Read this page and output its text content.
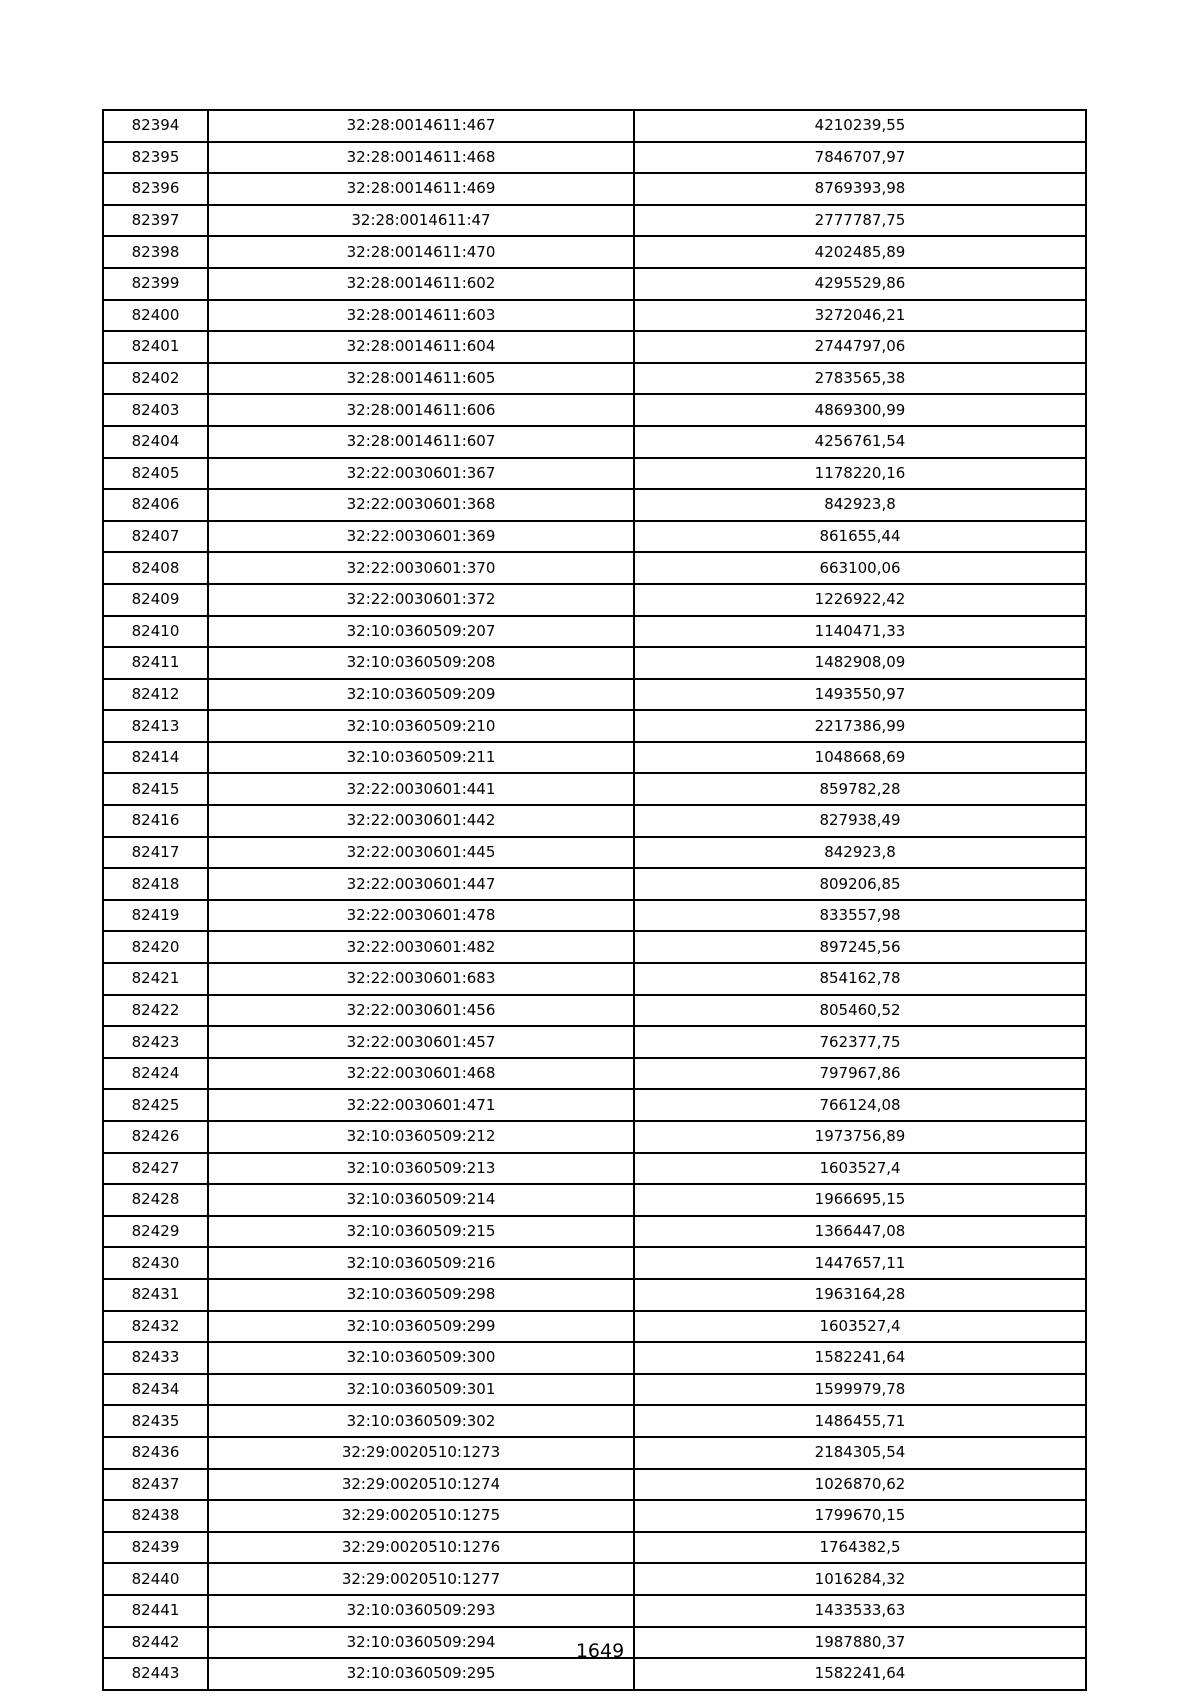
82394	32:28:0014611:467	4210239,55
82395	32:28:0014611:468	7846707,97
82396	32:28:0014611:469	8769393,98
82397	32:28:0014611:47	2777787,75
82398	32:28:0014611:470	4202485,89
82399	32:28:0014611:602	4295529,86
82400	32:28:0014611:603	3272046,21
82401	32:28:0014611:604	2744797,06
82402	32:28:0014611:605	2783565,38
82403	32:28:0014611:606	4869300,99
82404	32:28:0014611:607	4256761,54
82405	32:22:0030601:367	1178220,16
82406	32:22:0030601:368	842923,8
82407	32:22:0030601:369	861655,44
82408	32:22:0030601:370	663100,06
82409	32:22:0030601:372	1226922,42
82410	32:10:0360509:207	1140471,33
82411	32:10:0360509:208	1482908,09
82412	32:10:0360509:209	1493550,97
82413	32:10:0360509:210	2217386,99
82414	32:10:0360509:211	1048668,69
82415	32:22:0030601:441	859782,28
82416	32:22:0030601:442	827938,49
82417	32:22:0030601:445	842923,8
82418	32:22:0030601:447	809206,85
82419	32:22:0030601:478	833557,98
82420	32:22:0030601:482	897245,56
82421	32:22:0030601:683	854162,78
82422	32:22:0030601:456	805460,52
82423	32:22:0030601:457	762377,75
82424	32:22:0030601:468	797967,86
82425	32:22:0030601:471	766124,08
82426	32:10:0360509:212	1973756,89
82427	32:10:0360509:213	1603527,4
82428	32:10:0360509:214	1966695,15
82429	32:10:0360509:215	1366447,08
82430	32:10:0360509:216	1447657,11
82431	32:10:0360509:298	1963164,28
82432	32:10:0360509:299	1603527,4
82433	32:10:0360509:300	1582241,64
82434	32:10:0360509:301	1599979,78
82435	32:10:0360509:302	1486455,71
82436	32:29:0020510:1273	2184305,54
82437	32:29:0020510:1274	1026870,62
82438	32:29:0020510:1275	1799670,15
82439	32:29:0020510:1276	1764382,5
82440	32:29:0020510:1277	1016284,32
82441	32:10:0360509:293	1433533,63
82442	32:10:0360509:294	1987880,37
82443	32:10:0360509:295	1582241,64
1649
